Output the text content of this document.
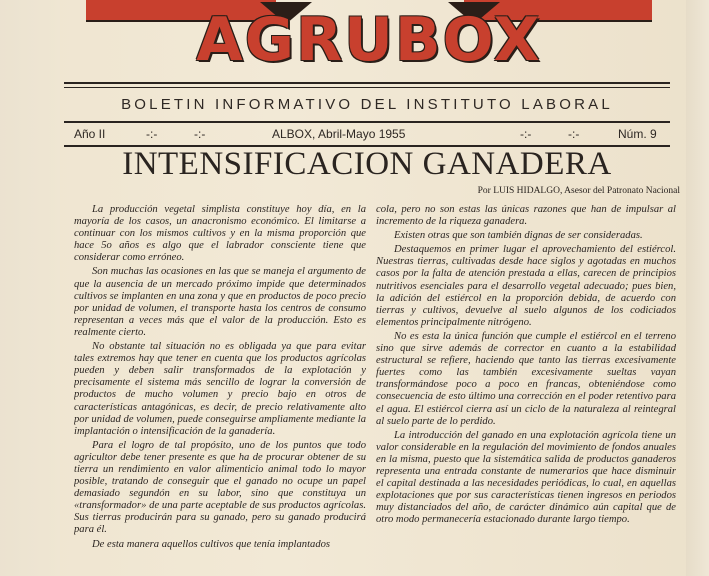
AGRUBOX
BOLETIN INFORMATIVO DEL INSTITUTO LABORAL
Año II	-:-	-:-	ALBOX, Abril-Mayo 1955	-:-	-:-	Núm. 9
INTENSIFICACION GANADERA
Por LUIS HIDALGO, Asesor del Patronato Nacional

La producción vegetal simplista constituye hoy día, en la mayoría de los casos, un anacronismo económico. El limitarse a continuar con los mismos cultivos y en la misma proporción que hace 5o años es algo que el labrador consciente tiene que considerar como erróneo.

Son muchas las ocasiones en las que se maneja el argumento de que la ausencia de un mercado próximo impide que determinados cultivos se implanten en una zona y que en productos de poco precio por unidad de volumen, el transporte hasta los centros de consumo representan a veces más que el valor de la producción. Esto es realmente cierto.

No obstante tal situación no es obligada ya que para evitar tales extremos hay que tener en cuenta que los productos agrícolas pueden y deben salir transformados de la explotación y precisamente el sistema más sencillo de lograr la conversión de productos de mucho volumen y precio bajo en otros de características antagónicas, es decir, de precio relativamente alto por unidad de volumen, puede conseguirse ampliamente mediante la implantación o intensificación de la ganadería.

Para el logro de tal propósito, uno de los puntos que todo agricultor debe tener presente es que ha de procurar obtener de su tierra un rendimiento en valor alimenticio animal todo lo mayor posible, tratando de conseguir que el ganado no ocupe un papel demasiado segundón en su labor, sino que constituya un «transformador» de una parte aceptable de sus productos agrícolas. Sus tierras producirán para su ganado, pero su ganado producirá para él.

De esta manera aquellos cultivos que tenía implantados

cola, pero no son estas las únicas razones que han de impulsar al incremento de la riqueza ganadera.

Existen otras que son también dignas de ser consideradas.

Destaquemos en primer lugar el aprovechamiento del estiércol. Nuestras tierras, cultivadas desde hace siglos y agotadas en muchos casos por la falta de atención prestada a ellas, carecen de principios nutritivos esenciales para el desarrollo vegetal adecuado; pues bien, la adición del estiércol en la proporción debida, de acuerdo con tierras y cultivos, devuelve al suelo algunos de los codiciados elementos principalmente nitrógeno.

No es esta la única función que cumple el estiércol en el terreno sino que sirve además de corrector en cuanto a la estabilidad estructural se refiere, haciendo que tanto las tierras excesivamente fuertes como las también excesivamente sueltas vayan transformándose poco a poco en francas, obteniéndose como consecuencia de esto último una corrección en el poder retentivo para el agua. El estiércol cierra así un ciclo de la naturaleza al reintegral al suelo parte de lo perdido.

La introducción del ganado en una explotación agrícola tiene un valor considerable en la regulación del movimiento de fondos anuales en la misma, puesto que la sistemática salida de productos ganaderos representa una entrada constante de numerarios que hace disminuir el capital destinada a las necesidades periódicas, lo cual, en aquellas explotaciones que por sus características tienen ingresos en periodos muy distanciados del año, de carácter dinámico aún capital que de otro modo permanecería estacionado durante largo tiempo.
